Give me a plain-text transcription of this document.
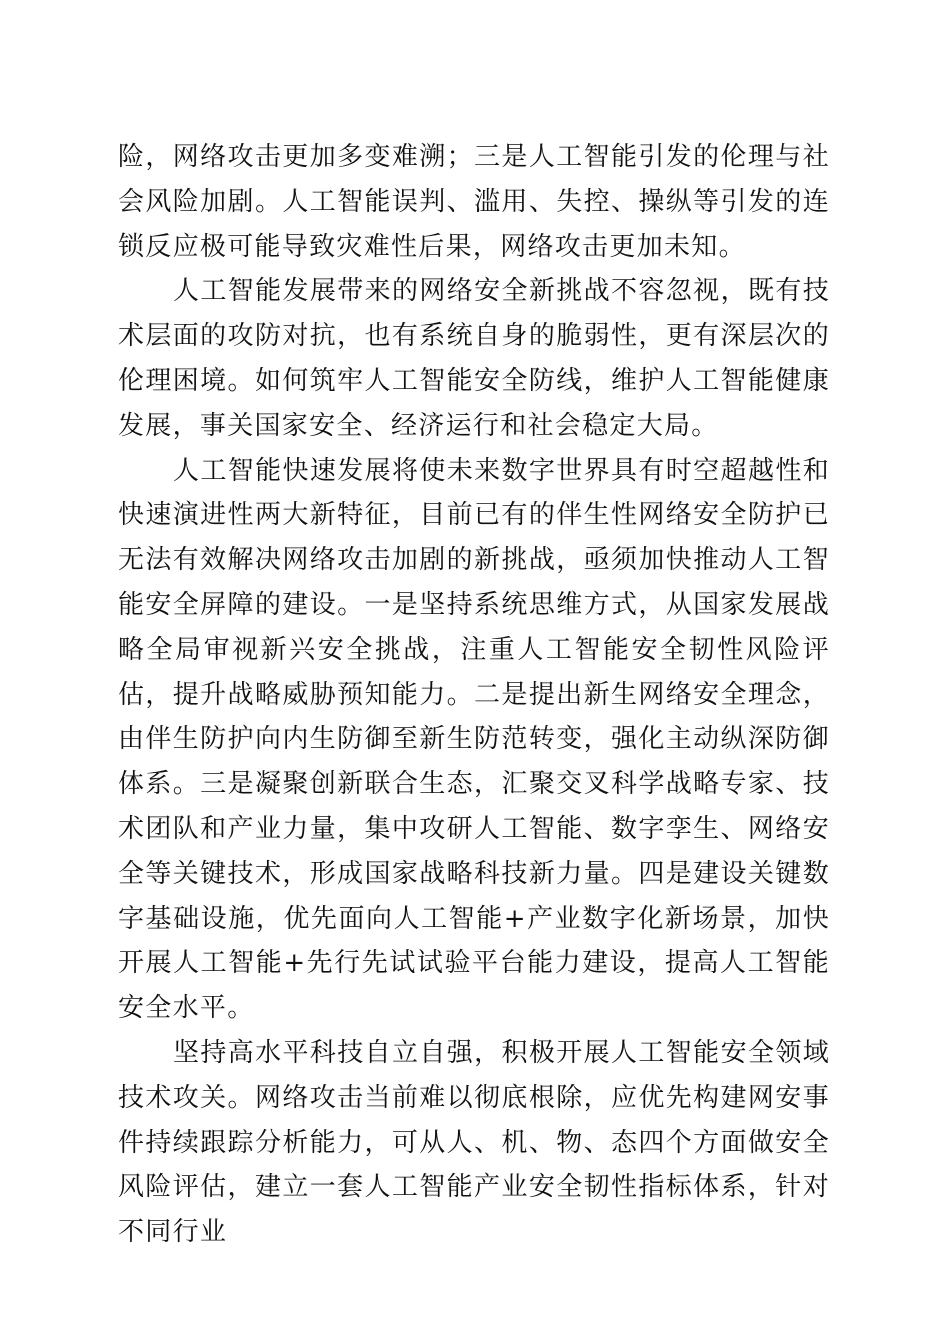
险，网络攻击更加多变难溯；三是人工智能引发的伦理与社会风险加剧。人工智能误判、滥用、失控、操纵等引发的连锁反应极可能导致灾难性后果，网络攻击更加未知。

人工智能发展带来的网络安全新挑战不容忽视，既有技术层面的攻防对抗，也有系统自身的脆弱性，更有深层次的伦理困境。如何筑牢人工智能安全防线，维护人工智能健康发展，事关国家安全、经济运行和社会稳定大局。

人工智能快速发展将使未来数字世界具有时空超越性和快速演进性两大新特征，目前已有的伴生性网络安全防护已无法有效解决网络攻击加剧的新挑战，亟须加快推动人工智能安全屏障的建设。一是坚持系统思维方式，从国家发展战略全局审视新兴安全挑战，注重人工智能安全韧性风险评估，提升战略威胁预知能力。二是提出新生网络安全理念，由伴生防护向内生防御至新生防范转变，强化主动纵深防御体系。三是凝聚创新联合生态，汇聚交叉科学战略专家、技术团队和产业力量，集中攻研人工智能、数字孪生、网络安全等关键技术，形成国家战略科技新力量。四是建设关键数字基础设施，优先面向人工智能+产业数字化新场景，加快开展人工智能+先行先试试验平台能力建设，提高人工智能安全水平。

坚持高水平科技自立自强，积极开展人工智能安全领域技术攻关。网络攻击当前难以彻底根除，应优先构建网安事件持续跟踪分析能力，可从人、机、物、态四个方面做安全风险评估，建立一套人工智能产业安全韧性指标体系，针对不同行业
